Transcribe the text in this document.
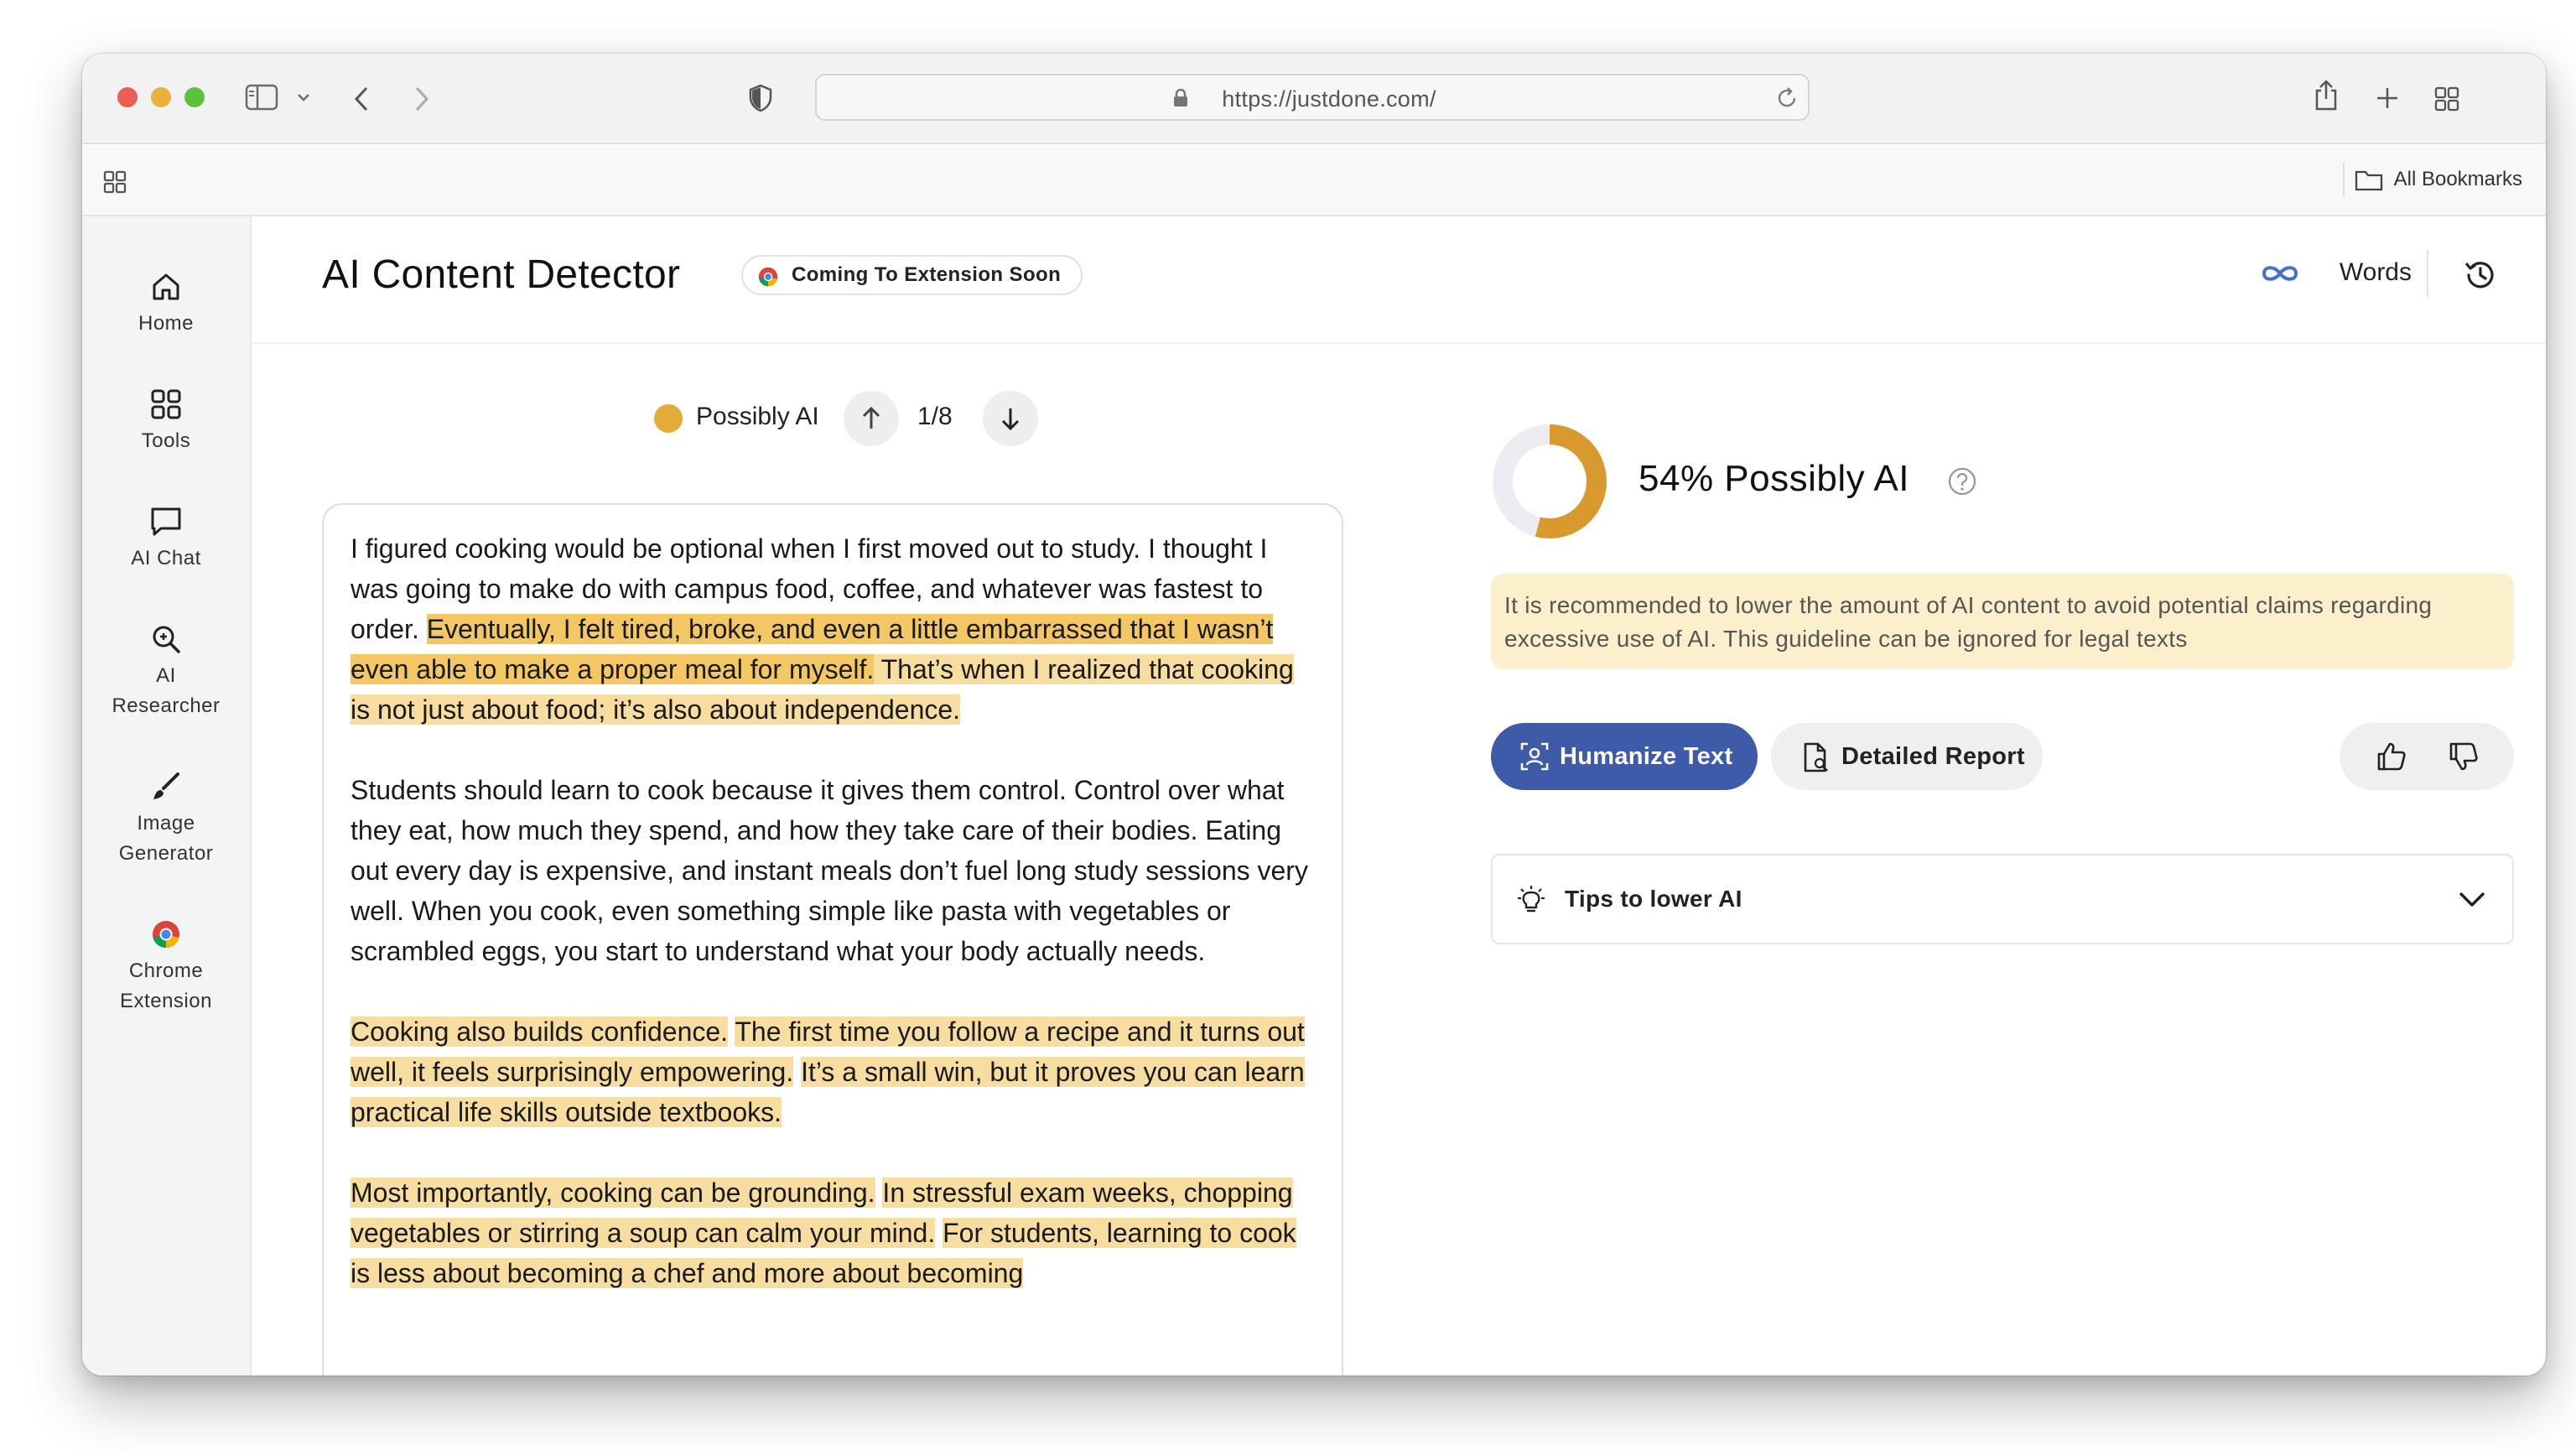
https://justdone.com/
All Bookmarks
Home
Tools
AI Chat
AI
Researcher
Image
Generator
Chrome
Extension
AI Content Detector	Coming To Extension Soon	Words
Possibly AI	1/8

I figured cooking would be optional when I first moved out to study. I thought I was going to make do with campus food, coffee, and whatever was fastest to order. Eventually, I felt tired, broke, and even a little embarrassed that I wasn’t even able to make a proper meal for myself. That’s when I realized that cooking is not just about food; it’s also about independence.

Students should learn to cook because it gives them control. Control over what they eat, how much they spend, and how they take care of their bodies. Eating out every day is expensive, and instant meals don’t fuel long study sessions very well. When you cook, even something simple like pasta with vegetables or scrambled eggs, you start to understand what your body actually needs.

Cooking also builds confidence. The first time you follow a recipe and it turns out well, it feels surprisingly empowering. It’s a small win, but it proves you can learn practical life skills outside textbooks.

Most importantly, cooking can be grounding. In stressful exam weeks, chopping vegetables or stirring a soup can calm your mind. For students, learning to cook is less about becoming a chef and more about becoming

54% Possibly AI
It is recommended to lower the amount of AI content to avoid potential claims regarding excessive use of AI. This guideline can be ignored for legal texts
Humanize Text	Detailed Report
Tips to lower AI
